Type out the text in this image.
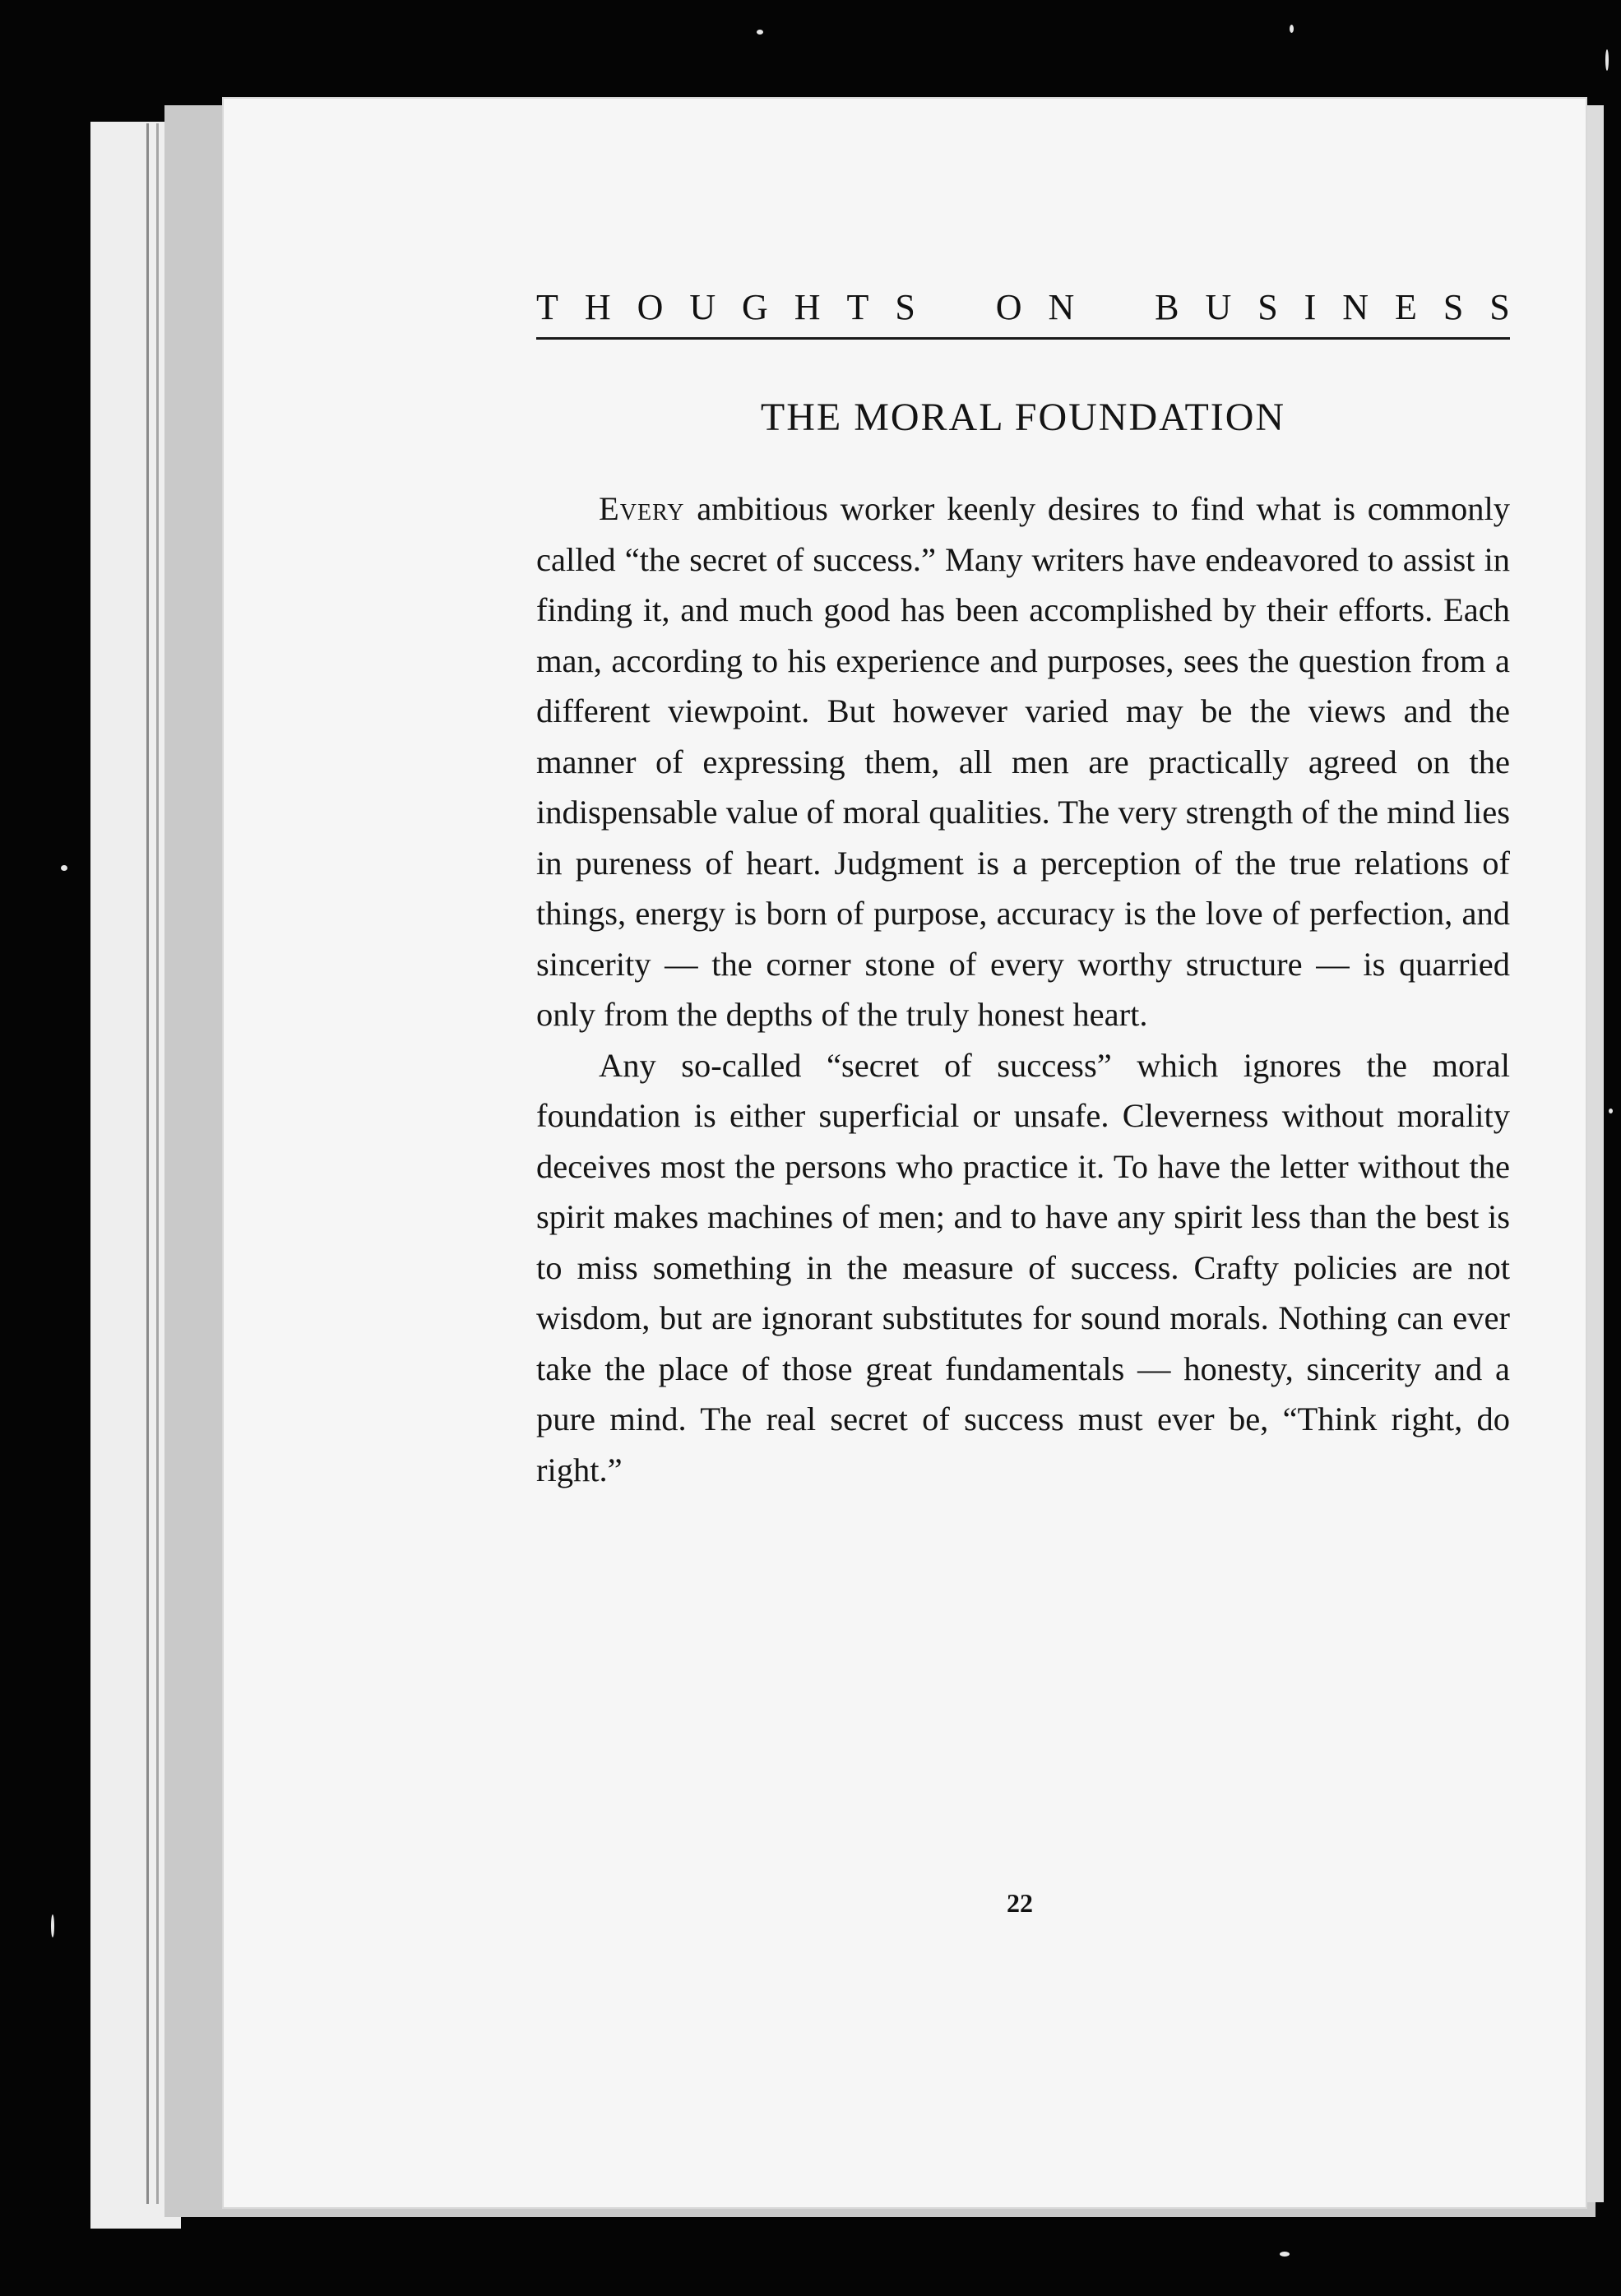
T H O U G H T S O N B U S I N E S S
THE MORAL FOUNDATION

Every ambitious worker keenly desires to find what is commonly called “the secret of success.” Many writers have endeavored to assist in finding it, and much good has been accomplished by their efforts. Each man, according to his experience and purposes, sees the question from a different viewpoint. But however varied may be the views and the manner of expressing them, all men are practically agreed on the indispensable value of moral qualities. The very strength of the mind lies in pureness of heart. Judgment is a perception of the true relations of things, energy is born of purpose, accuracy is the love of perfection, and sincerity — the corner stone of every worthy structure — is quarried only from the depths of the truly honest heart.

Any so-called “secret of success” which ignores the moral foundation is either superficial or unsafe. Cleverness without morality deceives most the persons who practice it. To have the letter without the spirit makes machines of men; and to have any spirit less than the best is to miss something in the measure of success. Crafty policies are not wisdom, but are ignorant substitutes for sound morals. Nothing can ever take the place of those great fundamentals — honesty, sincerity and a pure mind. The real secret of success must ever be, “Think right, do right.”

22
